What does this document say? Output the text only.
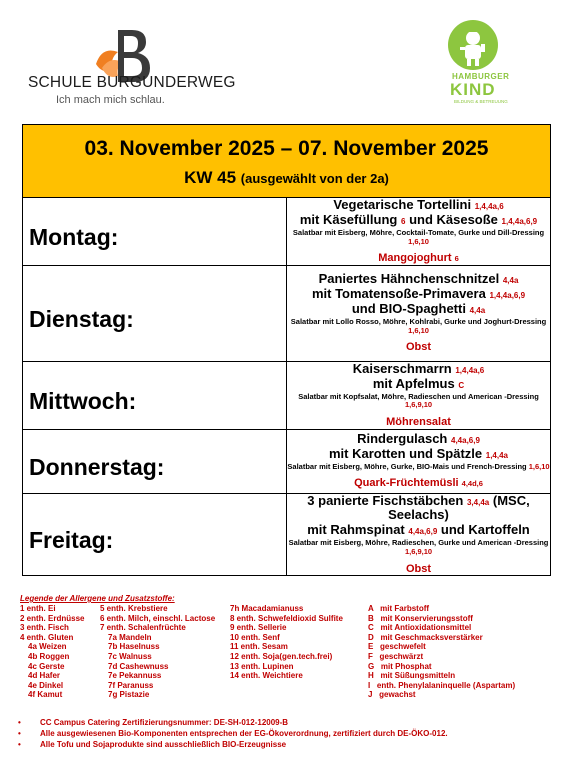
SCHULE BURGUNDERWEG
Ich mach mich schlau.
HAMBURGER
KIND
BILDUNG & BETREUUNG
03. November 2025 – 07. November 2025
KW 45 (ausgewählt von der 2a)	

Montag:	Vegetarische Tortellini 1,4,4a,6
mit Käsefüllung 6 und Käsesoße 1,4,4a,6,9
Salatbar mit Eisberg, Möhre, Cocktail-Tomate, Gurke und Dill-Dressing 1,6,10
Mangojoghurt 6

Dienstag:	Paniertes Hähnchenschnitzel 4,4a
mit Tomatensoße-Primavera 1,4,4a,6,9
und BIO-Spaghetti 4,4a
Salatbar mit Lollo Rosso, Möhre, Kohlrabi, Gurke und Joghurt-Dressing 1,6,10
Obst

Mittwoch:	Kaiserschmarrn 1,4,4a,6
mit Apfelmus C
Salatbar mit Kopfsalat, Möhre, Radieschen und American -Dressing 1,6,9,10
Möhrensalat

Donnerstag:	Rindergulasch 4,4a,6,9
mit Karotten und Spätzle 1,4,4a
Salatbar mit Eisberg, Möhre, Gurke, BIO-Mais und French-Dressing 1,6,10
Quark-Früchtemüsli 4,4d,6

Freitag:	3 panierte Fischstäbchen 3,4,4a (MSC, Seelachs)
mit Rahmspinat 4,4a,6,9 und Kartoffeln
Salatbar mit Eisberg, Möhre, Radieschen, Gurke und American -Dressing 1,6,9,10
Obst
Legende der Allergene und Zusatzstoffe:
1 enth. Ei
2 enth. Erdnüsse
3 enth. Fisch
4 enth. Gluten
4a Weizen
4b Roggen
4c Gerste
4d Hafer
4e Dinkel
4f Kamut
5 enth. Krebstiere
6 enth. Milch, einschl. Lactose
7 enth. Schalenfrüchte
7a Mandeln
7b Haselnuss
7c Walnuss
7d Cashewnuss
7e Pekannuss
7f Paranuss
7g Pistazie
7h Macadamianuss
8 enth. Schwefeldioxid Sulfite
9 enth. Sellerie
10 enth. Senf
11 enth. Sesam
12 enth. Soja(gen.tech.frei)
13 enth. Lupinen
14 enth. Weichtiere
A   mit Farbstoff
B   mit Konservierungsstoff
C   mit Antioxidationsmittel
D   mit Geschmacksverstärker
E   geschwefelt
F   geschwärzt
G   mit Phosphat
H   mit Süßungsmitteln
I   enth. Phenylalaninquelle (Aspartam)
J   gewachst
• CC Campus Catering Zertifizierungsnummer: DE-SH-012-12009-B
• Alle ausgewiesenen Bio-Komponenten entsprechen der EG-Ökoverordnung, zertifiziert durch DE-ÖKO-012.
• Alle Tofu und Sojaprodukte sind ausschließlich BIO-Erzeugnisse
